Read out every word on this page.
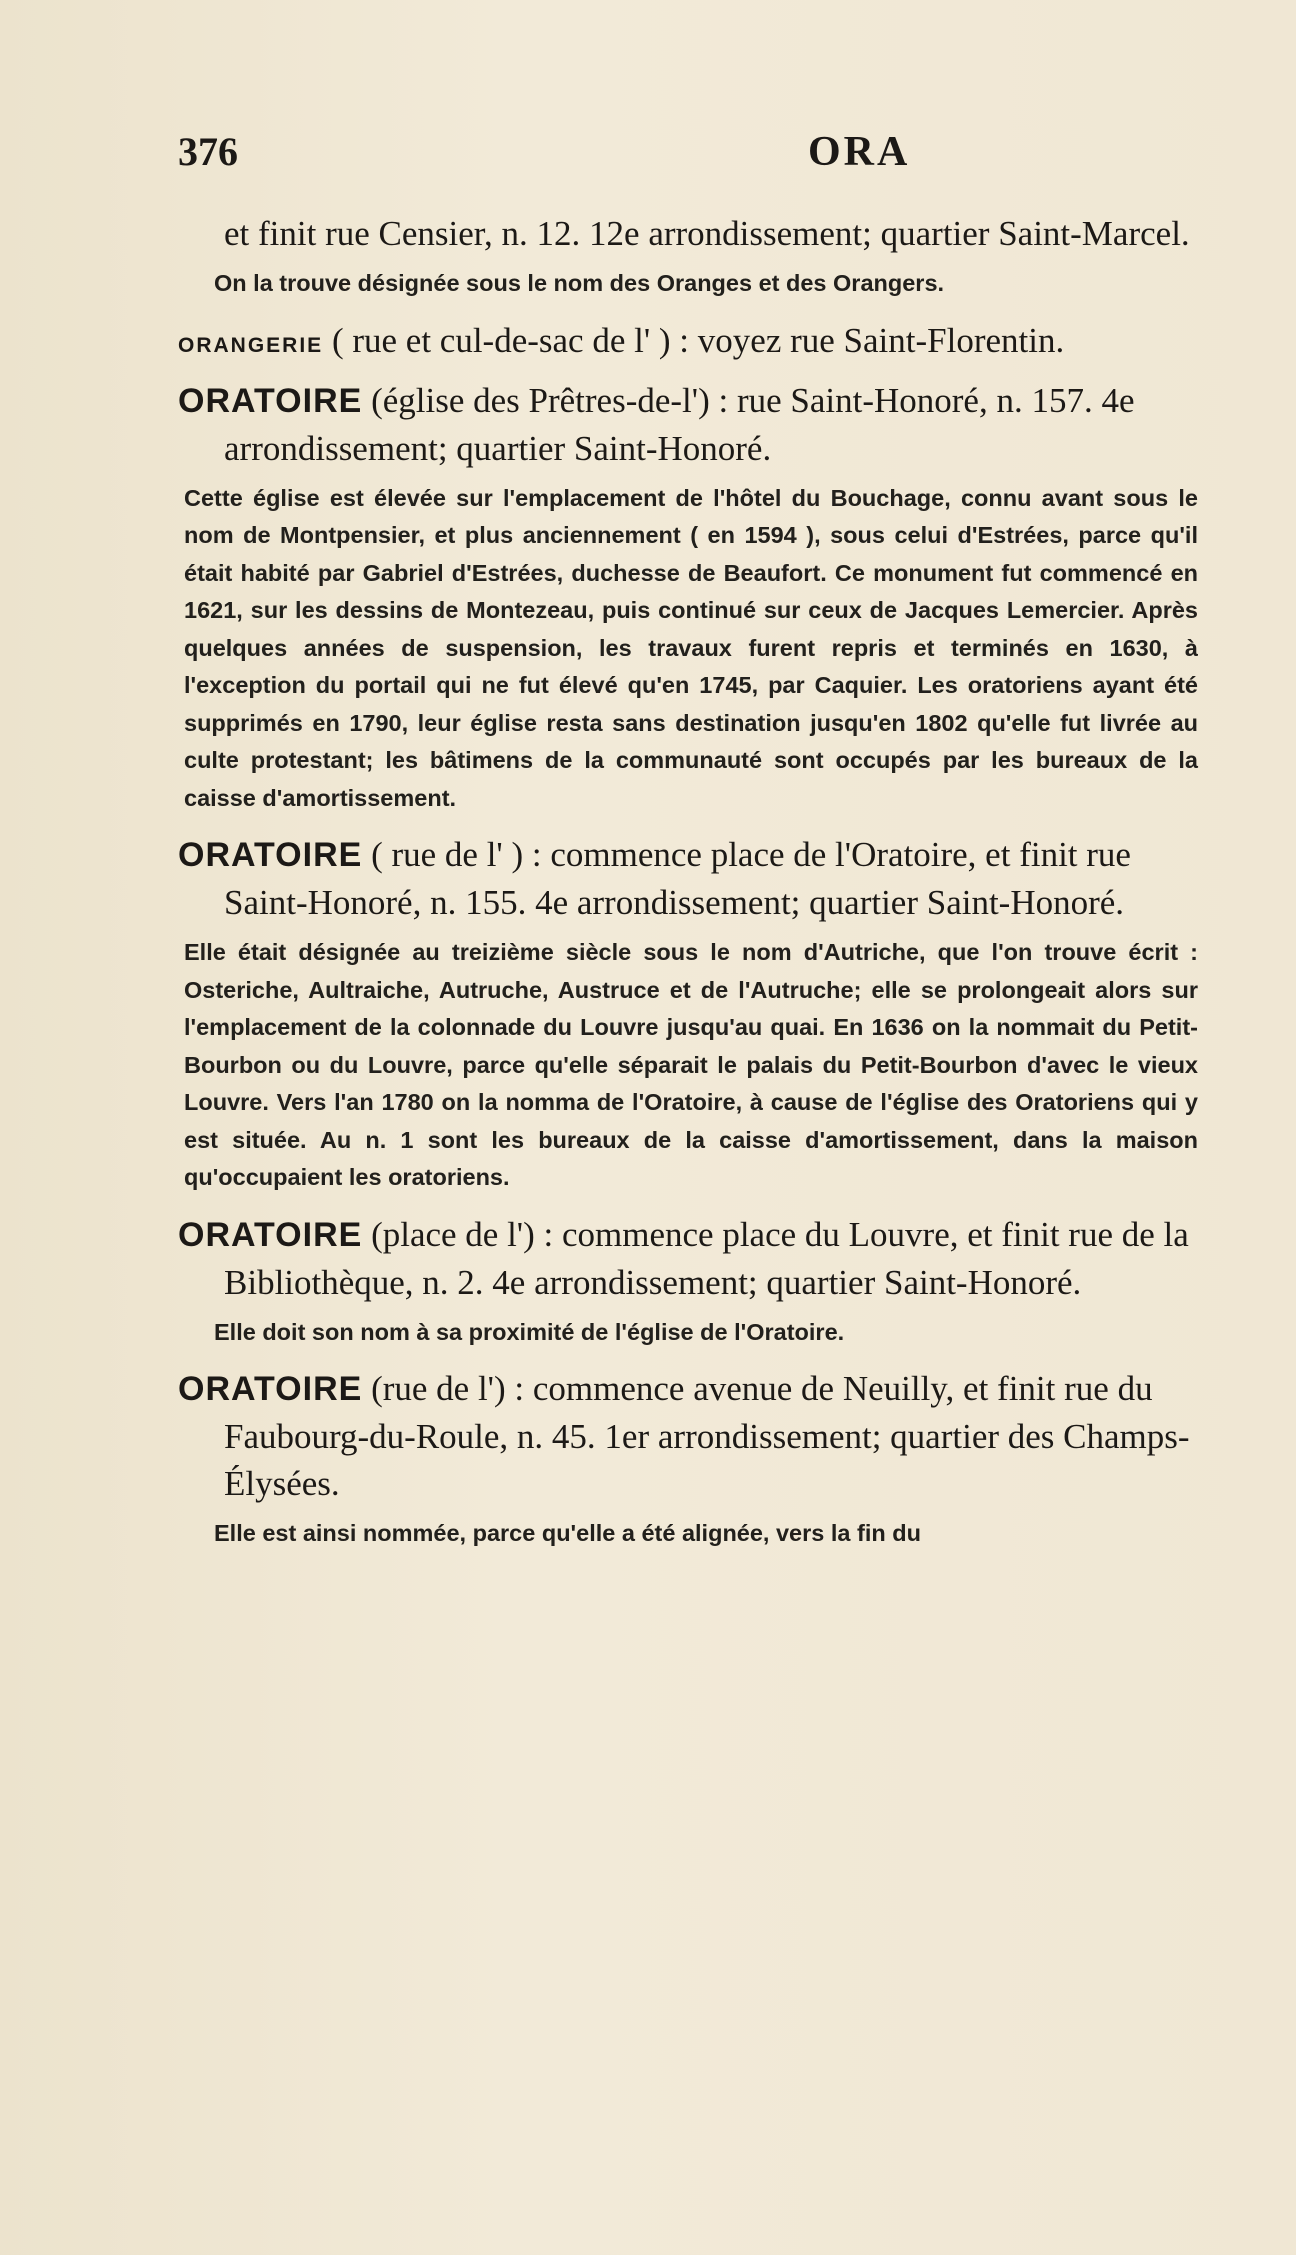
376	ORA

et finit rue Censier, n. 12. 12e arrondissement; quartier Saint-Marcel.

On la trouve désignée sous le nom des Oranges et des Orangers.

ORANGERIE ( rue et cul-de-sac de l' ) : voyez rue Saint-Florentin.

ORATOIRE (église des Prêtres-de-l') : rue Saint-Honoré, n. 157. 4e arrondissement; quartier Saint-Honoré.

Cette église est élevée sur l'emplacement de l'hôtel du Bouchage, connu avant sous le nom de Montpensier, et plus anciennement ( en 1594 ), sous celui d'Estrées, parce qu'il était habité par Gabriel d'Estrées, duchesse de Beaufort. Ce monument fut commencé en 1621, sur les dessins de Montezeau, puis continué sur ceux de Jacques Lemercier. Après quelques années de suspension, les travaux furent repris et terminés en 1630, à l'exception du portail qui ne fut élevé qu'en 1745, par Caquier. Les oratoriens ayant été supprimés en 1790, leur église resta sans destination jusqu'en 1802 qu'elle fut livrée au culte protestant; les bâtimens de la communauté sont occupés par les bureaux de la caisse d'amortissement.

ORATOIRE ( rue de l' ) : commence place de l'Oratoire, et finit rue Saint-Honoré, n. 155. 4e arrondissement; quartier Saint-Honoré.

Elle était désignée au treizième siècle sous le nom d'Autriche, que l'on trouve écrit : Osteriche, Aultraiche, Autruche, Austruce et de l'Autruche; elle se prolongeait alors sur l'emplacement de la colonnade du Louvre jusqu'au quai. En 1636 on la nommait du Petit-Bourbon ou du Louvre, parce qu'elle séparait le palais du Petit-Bourbon d'avec le vieux Louvre. Vers l'an 1780 on la nomma de l'Oratoire, à cause de l'église des Oratoriens qui y est située. Au n. 1 sont les bureaux de la caisse d'amortissement, dans la maison qu'occupaient les oratoriens.

ORATOIRE (place de l') : commence place du Louvre, et finit rue de la Bibliothèque, n. 2. 4e arrondissement; quartier Saint-Honoré.

Elle doit son nom à sa proximité de l'église de l'Oratoire.

ORATOIRE (rue de l') : commence avenue de Neuilly, et finit rue du Faubourg-du-Roule, n. 45. 1er arrondissement; quartier des Champs-Élysées.

Elle est ainsi nommée, parce qu'elle a été alignée, vers la fin du
